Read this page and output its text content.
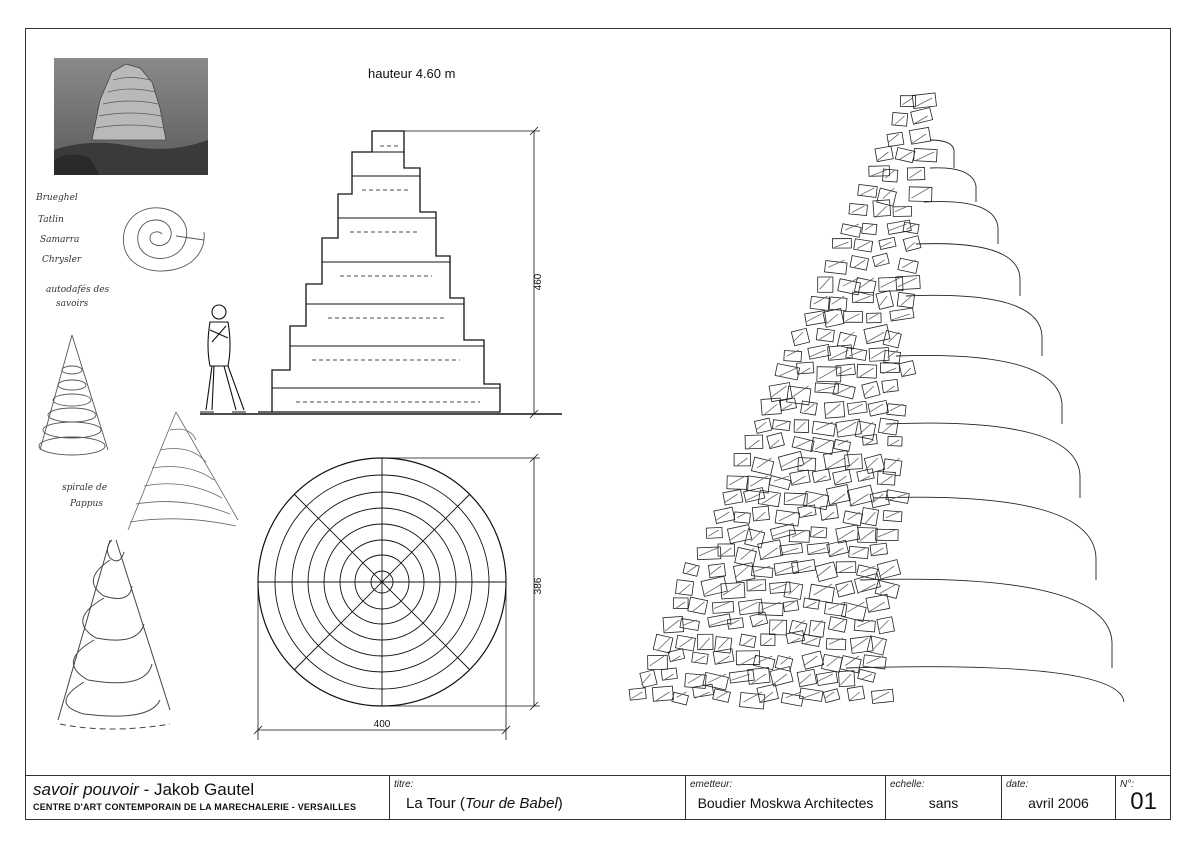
hauteur 4.60 m
Brueghel
Tatlin
Samarra
Chrysler
autodafés des
savoirs
spirale de
Pappus
460
386
400
savoir pouvoir - Jakob Gautel
CENTRE D'ART CONTEMPORAIN DE LA MARECHALERIE - VERSAILLES
titre:
La Tour (Tour de Babel)
emetteur:
Boudier Moskwa Architectes
echelle:
sans
date:
avril 2006
N°:
01
